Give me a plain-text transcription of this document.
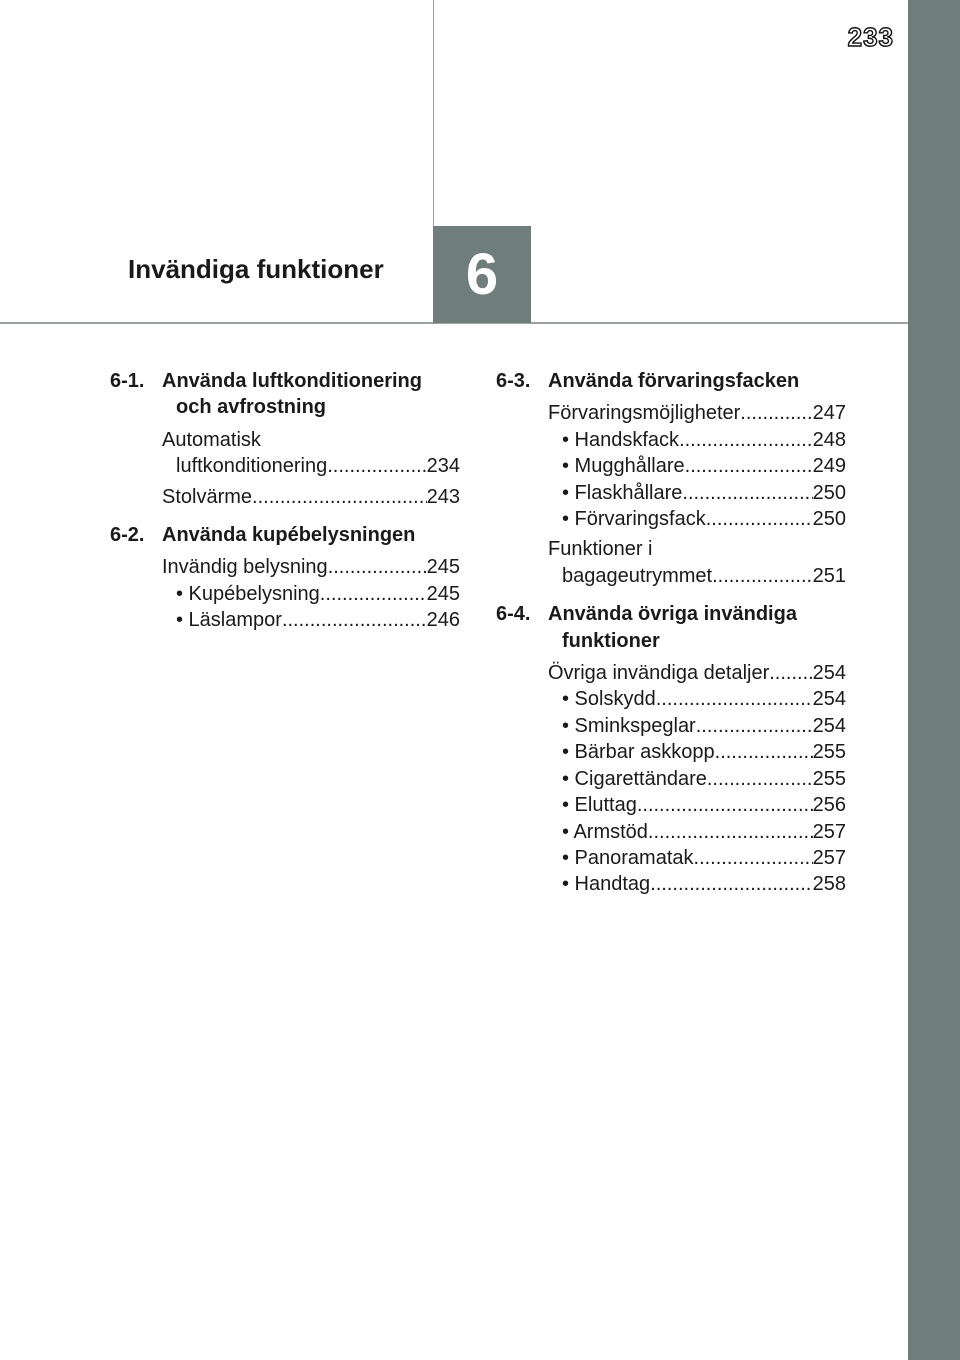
233
Invändiga funktioner 6
6-1. Använda luftkonditionering
och avfrostning
Automatisk
luftkonditionering .....	234
Stolvärme .....	243
6-2. Använda kupébelysningen
Invändig belysning .....	245
• Kupébelysning .....	245
• Läslampor .....	246
6-3. Använda förvaringsfacken
Förvaringsmöjligheter .....	247
• Handskfack .....	248
• Mugghållare .....	249
• Flaskhållare .....	250
• Förvaringsfack .....	250
Funktioner i
bagageutrymmet .....	251
6-4. Använda övriga invändiga
funktioner
Övriga invändiga detaljer ..... 254
• Solskydd .....	254
• Sminkspeglar .....	254
• Bärbar askkopp .....	255
• Cigarettändare .....	255
• Eluttag .....	256
• Armstöd .....	257
• Panoramatak .....	257
• Handtag .....	258
